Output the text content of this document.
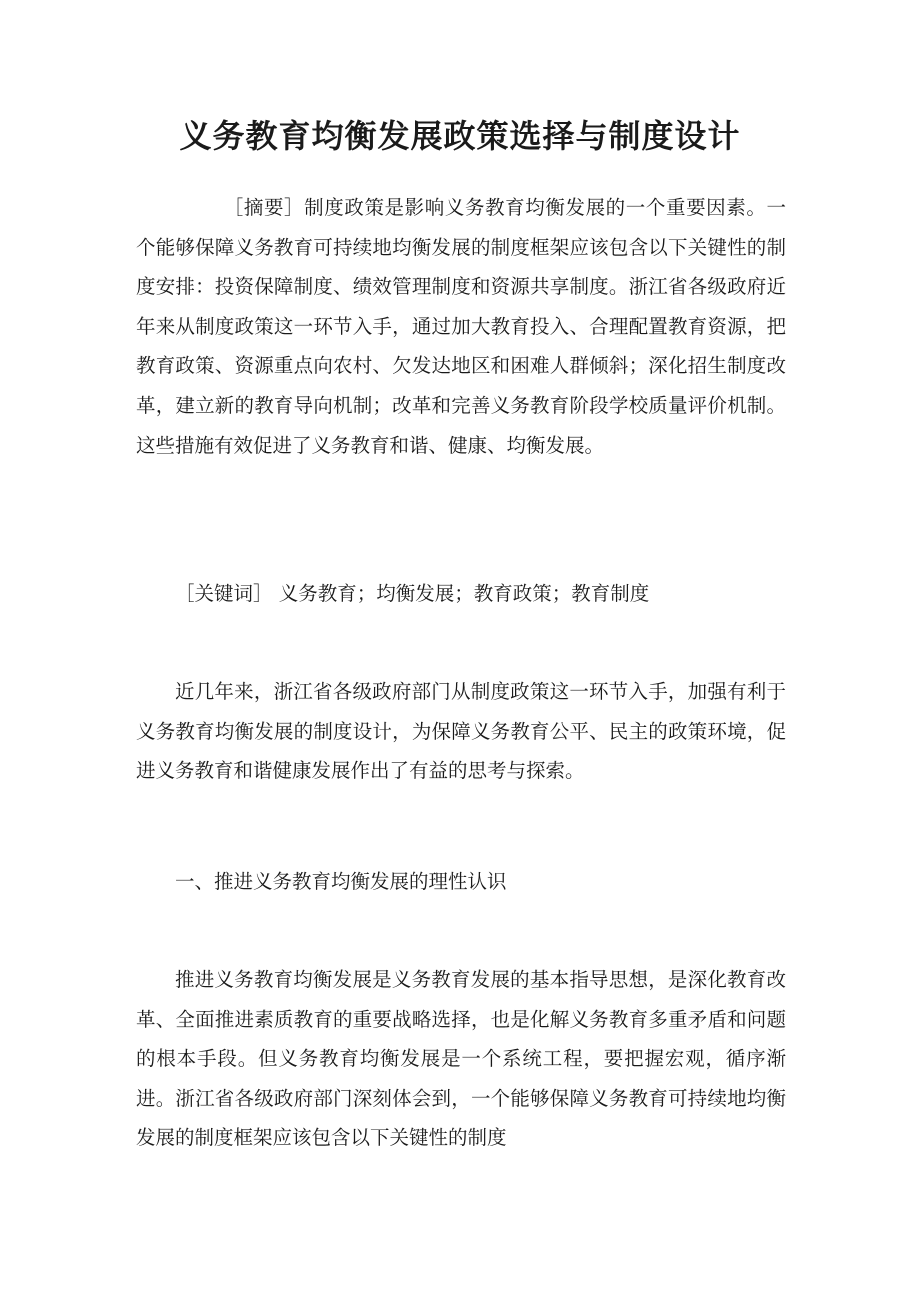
义务教育均衡发展政策选择与制度设计

［摘要］制度政策是影响义务教育均衡发展的一个重要因素。一个能够保障义务教育可持续地均衡发展的制度框架应该包含以下关键性的制度安排：投资保障制度、绩效管理制度和资源共享制度。浙江省各级政府近年来从制度政策这一环节入手，通过加大教育投入、合理配置教育资源，把教育政策、资源重点向农村、欠发达地区和困难人群倾斜；深化招生制度改革，建立新的教育导向机制；改革和完善义务教育阶段学校质量评价机制。这些措施有效促进了义务教育和谐、健康、均衡发展。

［关键词］ 义务教育；均衡发展；教育政策；教育制度

近几年来，浙江省各级政府部门从制度政策这一环节入手，加强有利于义务教育均衡发展的制度设计，为保障义务教育公平、民主的政策环境，促进义务教育和谐健康发展作出了有益的思考与探索。

一、推进义务教育均衡发展的理性认识

推进义务教育均衡发展是义务教育发展的基本指导思想，是深化教育改革、全面推进素质教育的重要战略选择，也是化解义务教育多重矛盾和问题的根本手段。但义务教育均衡发展是一个系统工程，要把握宏观，循序渐进。浙江省各级政府部门深刻体会到，一个能够保障义务教育可持续地均衡发展的制度框架应该包含以下关键性的制度
